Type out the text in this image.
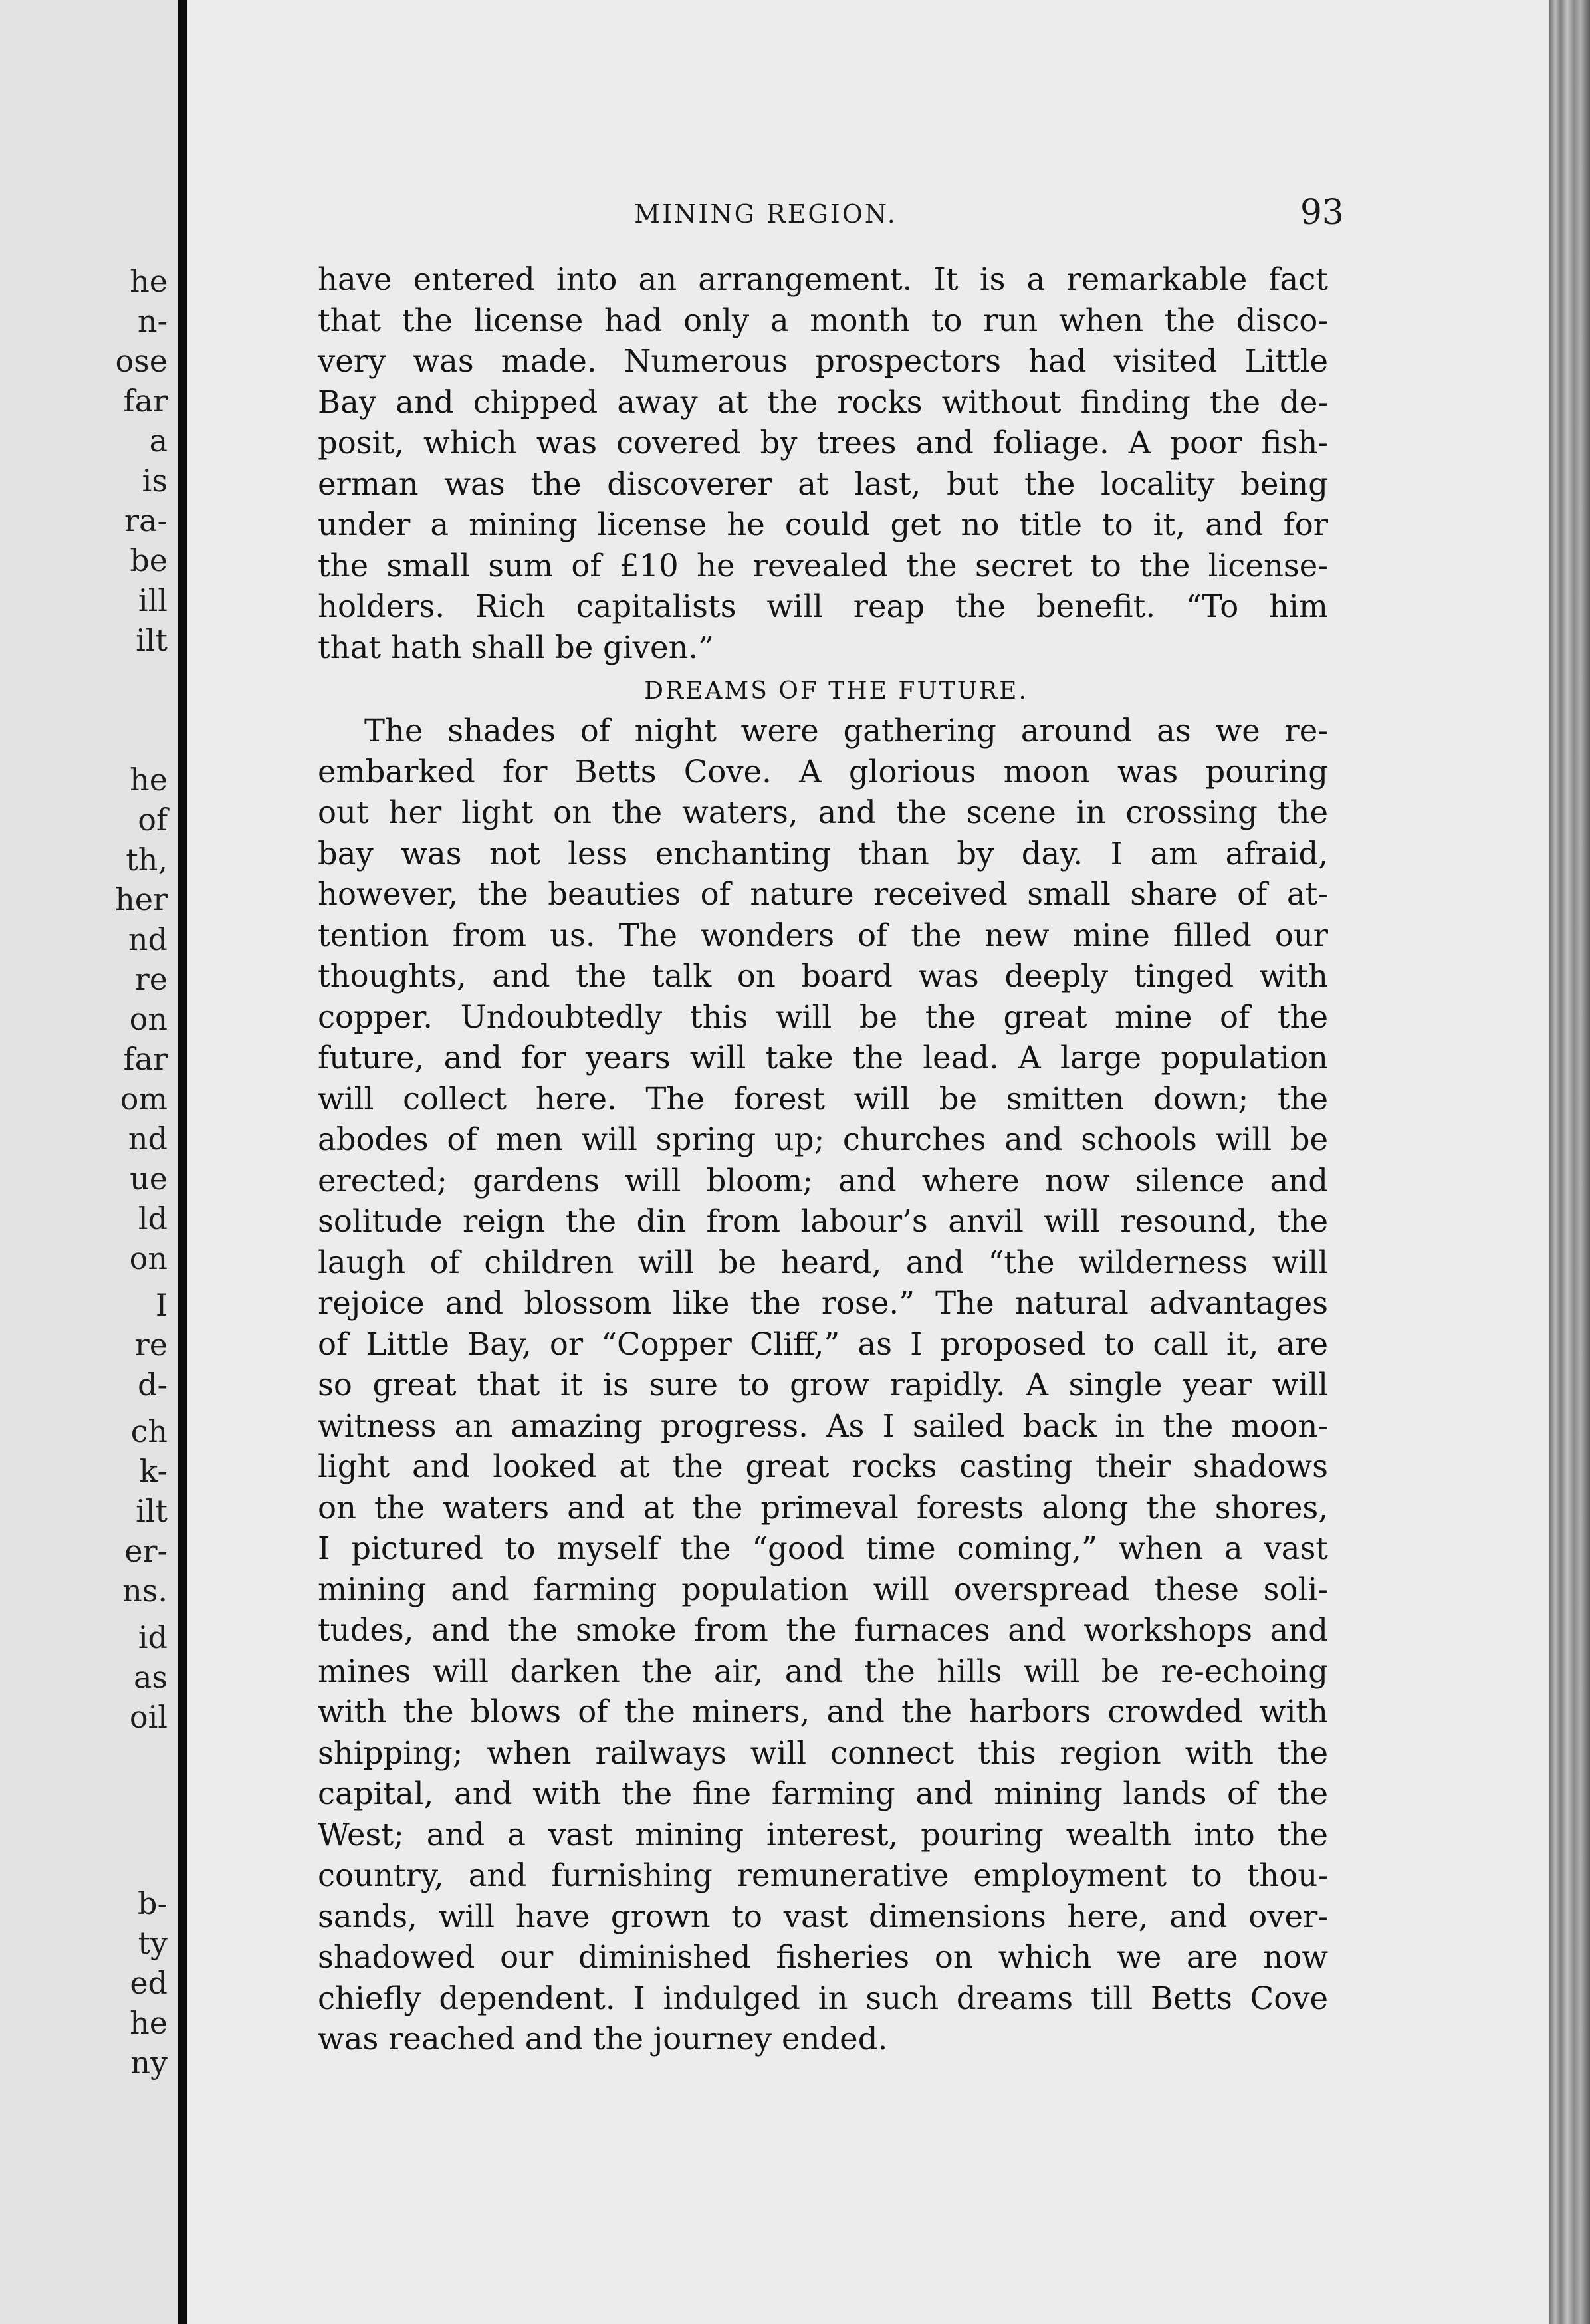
he
n-
ose
far
a
is
ra-
be
ill
ilt
he
of
th,
her
nd
re
on
far
om
nd
ue
ld
on
I
re
d-
ch
k-
ilt
er-
ns.
id
as
oil
b-
ty
ed
he
ny
MINING REGION.	93

have entered into an arrangement. It is a remarkable fact
that the license had only a month to run when the disco-
very was made. Numerous prospectors had visited Little
Bay and chipped away at the rocks without finding the de-
posit, which was covered by trees and foliage. A poor fish-
erman was the discoverer at last, but the locality being
under a mining license he could get no title to it, and for
the small sum of £10 he revealed the secret to the license-
holders. Rich capitalists will reap the benefit. “To him
that hath shall be given.”

DREAMS OF THE FUTURE.

The shades of night were gathering around as we re-
embarked for Betts Cove. A glorious moon was pouring
out her light on the waters, and the scene in crossing the
bay was not less enchanting than by day. I am afraid,
however, the beauties of nature received small share of at-
tention from us. The wonders of the new mine filled our
thoughts, and the talk on board was deeply tinged with
copper. Undoubtedly this will be the great mine of the
future, and for years will take the lead. A large population
will collect here. The forest will be smitten down; the
abodes of men will spring up; churches and schools will be
erected; gardens will bloom; and where now silence and
solitude reign the din from labour’s anvil will resound, the
laugh of children will be heard, and “the wilderness will
rejoice and blossom like the rose.” The natural advantages
of Little Bay, or “Copper Cliff,” as I proposed to call it, are
so great that it is sure to grow rapidly. A single year will
witness an amazing progress. As I sailed back in the moon-
light and looked at the great rocks casting their shadows
on the waters and at the primeval forests along the shores,
I pictured to myself the “good time coming,” when a vast
mining and farming population will overspread these soli-
tudes, and the smoke from the furnaces and workshops and
mines will darken the air, and the hills will be re-echoing
with the blows of the miners, and the harbors crowded with
shipping; when railways will connect this region with the
capital, and with the fine farming and mining lands of the
West; and a vast mining interest, pouring wealth into the
country, and furnishing remunerative employment to thou-
sands, will have grown to vast dimensions here, and over-
shadowed our diminished fisheries on which we are now
chiefly dependent. I indulged in such dreams till Betts Cove
was reached and the journey ended.
